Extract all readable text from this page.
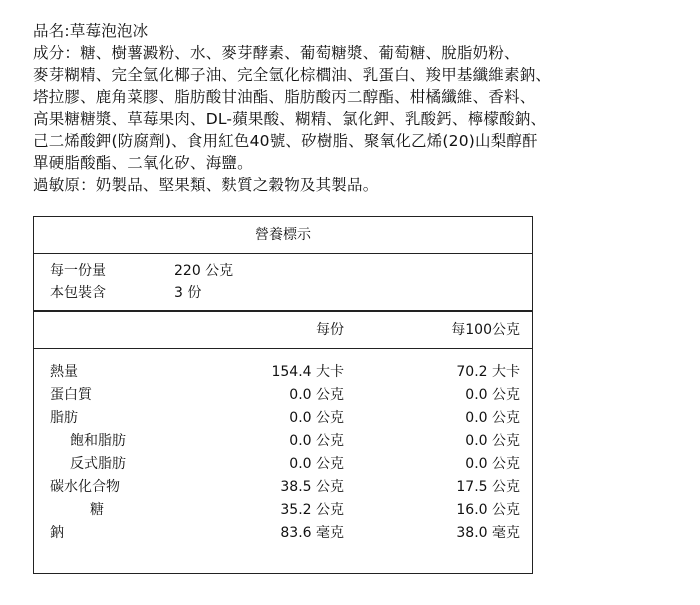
品名:草莓泡泡冰
成分：糖、樹薯澱粉、水、麥芽酵素、葡萄糖漿、葡萄糖、脫脂奶粉、
麥芽糊精、完全氫化椰子油、完全氫化棕櫚油、乳蛋白、羧甲基纖維素鈉、
塔拉膠、鹿角菜膠、脂肪酸甘油酯、脂肪酸丙二醇酯、柑橘纖維、香料、
高果糖糖漿、草莓果肉、DL-蘋果酸、糊精、氯化鉀、乳酸鈣、檸檬酸鈉、
己二烯酸鉀(防腐劑)、食用紅色40號、矽樹脂、聚氧化乙烯(20)山梨醇酐
單硬脂酸酯、二氧化矽、海鹽。
過敏原：奶製品、堅果類、麩質之穀物及其製品。
營養標示
每一份量	220 公克
本包裝含	3 份
每份	每100公克
熱量	154.4 大卡	70.2 大卡
蛋白質	0.0 公克	0.0 公克
脂肪	0.0 公克	0.0 公克
飽和脂肪	0.0 公克	0.0 公克
反式脂肪	0.0 公克	0.0 公克
碳水化合物	38.5 公克	17.5 公克
糖	35.2 公克	16.0 公克
鈉	83.6 毫克	38.0 毫克
